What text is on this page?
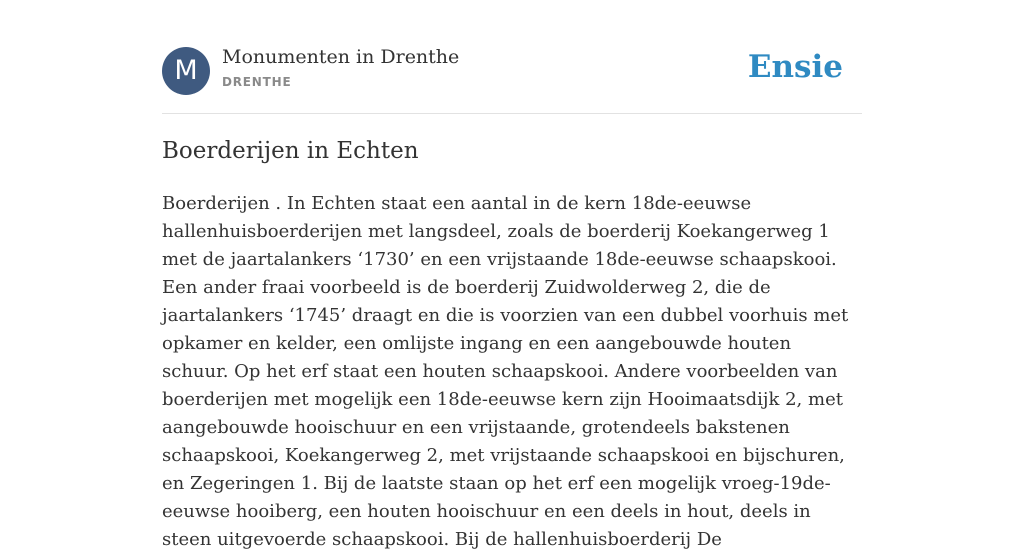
M	Monumenten in Drenthe
DRENTHE	Ensie
Boerderijen in Echten

Boerderijen . In Echten staat een aantal in de kern 18de-eeuwse hallenhuisboerderijen met langsdeel, zoals de boerderij Koekangerweg 1 met de jaartalankers ‘1730’ en een vrijstaande 18de-eeuwse schaapskooi. Een ander fraai voorbeeld is de boerderij Zuidwolderweg 2, die de jaartalankers ‘1745’ draagt en die is voorzien van een dubbel voorhuis met opkamer en kelder, een omlijste ingang en een aangebouwde houten schuur. Op het erf staat een houten schaapskooi. Andere voorbeelden van boerderijen met mogelijk een 18de-eeuwse kern zijn Hooimaatsdijk 2, met aangebouwde hooischuur en een vrijstaande, grotendeels bakstenen schaapskooi, Koekangerweg 2, met vrijstaande schaapskooi en bijschuren, en Zegeringen 1. Bij de laatste staan op het erf een mogelijk vroeg-19de-eeuwse hooiberg, een houten hooischuur en een deels in hout, deels in steen uitgevoerde schaapskooi. Bij de hallenhuisboerderij De
